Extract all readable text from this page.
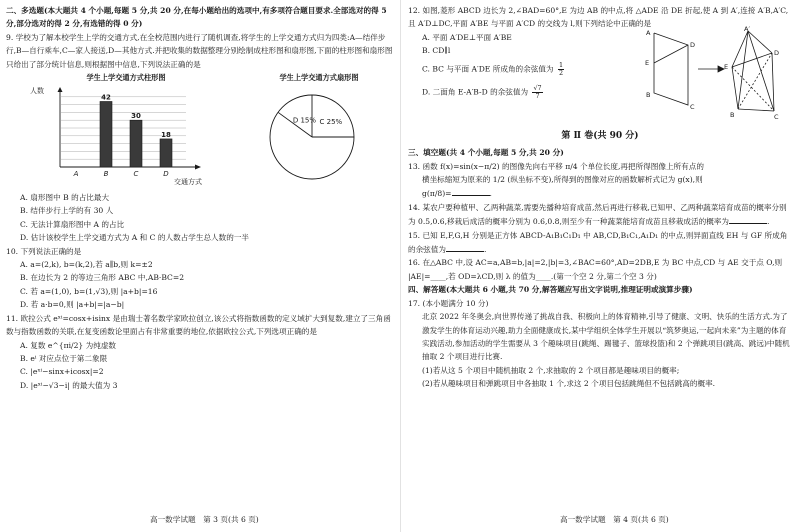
二、多选题(本大题共 4 个小题,每题 5 分,共 20 分,在每小题给出的选项中,有多项符合题目要求.全部选对的得 5 分,部分选对的得 2 分,有选错的得 0 分)

9. 学校为了解本校学生上学的交通方式,在全校范围内进行了随机调查,将学生的上学交通方式归为四类:A—结伴步行,B—自行乘车,C—家人接送,D—其他方式.并把收集的数据整理分别绘制成柱形图和扇形图,下面的柱形图和扇形图只给出了部分统计信息,则根据图中信息,下列说法正确的是

学生上学交通方式柱形图
人数
A
42
B
30
C
18
D
交通方式
学生上学交通方式扇形图
D 15% C 25%

A. 扇形图中 B 的占比最大

B. 结伴步行上学的有 30 人

C. 无法计算扇形图中 A 的占比

D. 估计该校学生上学交通方式为 A 和 C 的人数占学生总人数的一半

10. 下列说法正确的是

A. a=(2,k), b=(k,2),若 a∥b,则 k=±2

B. 在边长为 2 的等边三角形 ABC 中,AB·BC=2

C. 若 a=(1,0), b=(1,√3),则 |a+b|=16

D. 若 a·b=0,则 |a+b|=|a−b|

11. 欧拉公式 eˣⁱ=cosx+isinx 是由瑞士著名数学家欧拉创立,该公式将指数函数的定义域扩大到复数,建立了三角函数与指数函数的关联,在复变函数论里面占有非常重要的地位,依据欧拉公式,下列选项正确的是

A. 复数 e^{πi/2} 为纯虚数

B. eⁱ 对应点位于第二象限

C. |eˣⁱ−sinx+icosx|=2

D. |eˣⁱ−√3−i| 的最大值为 3

12. 如图,菱形 ABCD 边长为 2,∠BAD=60°,E 为边 AB 的中点,将 △ADE 沿 DE 折起,使 A 到 A′,连接 A′B,A′C,且 A′D⊥DC,平面 A′BE 与平面 A′CD 的交线为 l,则下列结论中正确的是

A. 平面 A′DE⊥平面 A′BE

B. CD∥l

C. BC 与平面 A′DE 所成角的余弦值为 $\frac{1}{2}$

D. 二面角 E-A′B-D 的余弦值为 $\frac{√7}{7}$

A
D
E
C
B
A′
E
D
B	C

第 Ⅱ 卷(共 90 分)

三、填空题(共 4 个小题,每题 5 分,共 20 分)

13. 函数 f(x)=sin(x−π/2) 的图像先向右平移 π/4 个单位长度,再把所得图像上所有点的

横坐标缩短为原来的 1/2 (纵坐标不变),所得到的图像对应的函数解析式记为 g(x),则

g(π/8)=	.

14. 某农户要种植甲、乙两种蔬菜,需要先播种培育成苗,然后再进行移栽,已知甲、乙两种蔬菜培育成苗的概率分别为 0.5,0.6,移栽后成活的概率分别为 0.6,0.8,则至少有一种蔬菜能培育成苗且移栽成活的概率为	.

15. 已知 E,F,G,H 分别是正方体 ABCD-A₁B₁C₁D₁ 中 AB,CD,B₁C₁,A₁D₁ 的中点,则异面直线 EH 与 GF 所成角的余弦值为	.

16. 在△ABC 中,设 AC=a,AB=b,|a|=2,|b|=3,∠BAC=60°,AD=2DB,E 为 BC 中点,CD 与 AE 交于点 O,则 |AE|=____,若 OD=λCD,则 λ 的值为____.(第一个空 2 分,第二个空 3 分)

四、解答题(本大题共 6 小题,共 70 分,解答题应写出文字说明,推理证明或演算步骤)

17. (本小题满分 10 分)

北京 2022 年冬奥会,向世界传递了挑战自我、积极向上的体育精神,引导了健康、文明、快乐的生活方式.为了激发学生的体育运动兴趣,助力全面健康成长,某中学组织全体学生开展以“筑梦奥运,一起向未来”为主题的体育实践活动,参加活动的学生需要从 3 个趣味项目(跳绳、踢毽子、篮球投篮)和 2 个弹跳项目(跳高、跳远)中随机抽取 2 个项目进行比赛.

(1)若从这 5 个项目中随机抽取 2 个,求抽取的 2 个项目都是趣味项目的概率;

(2)若从趣味项目和弹跳项目中各抽取 1 个,求这 2 个项目包括跳绳但不包括跳高的概率.

高一数学试题　第 3 页(共 6 页)	高一数学试题　第 4 页(共 6 页)
